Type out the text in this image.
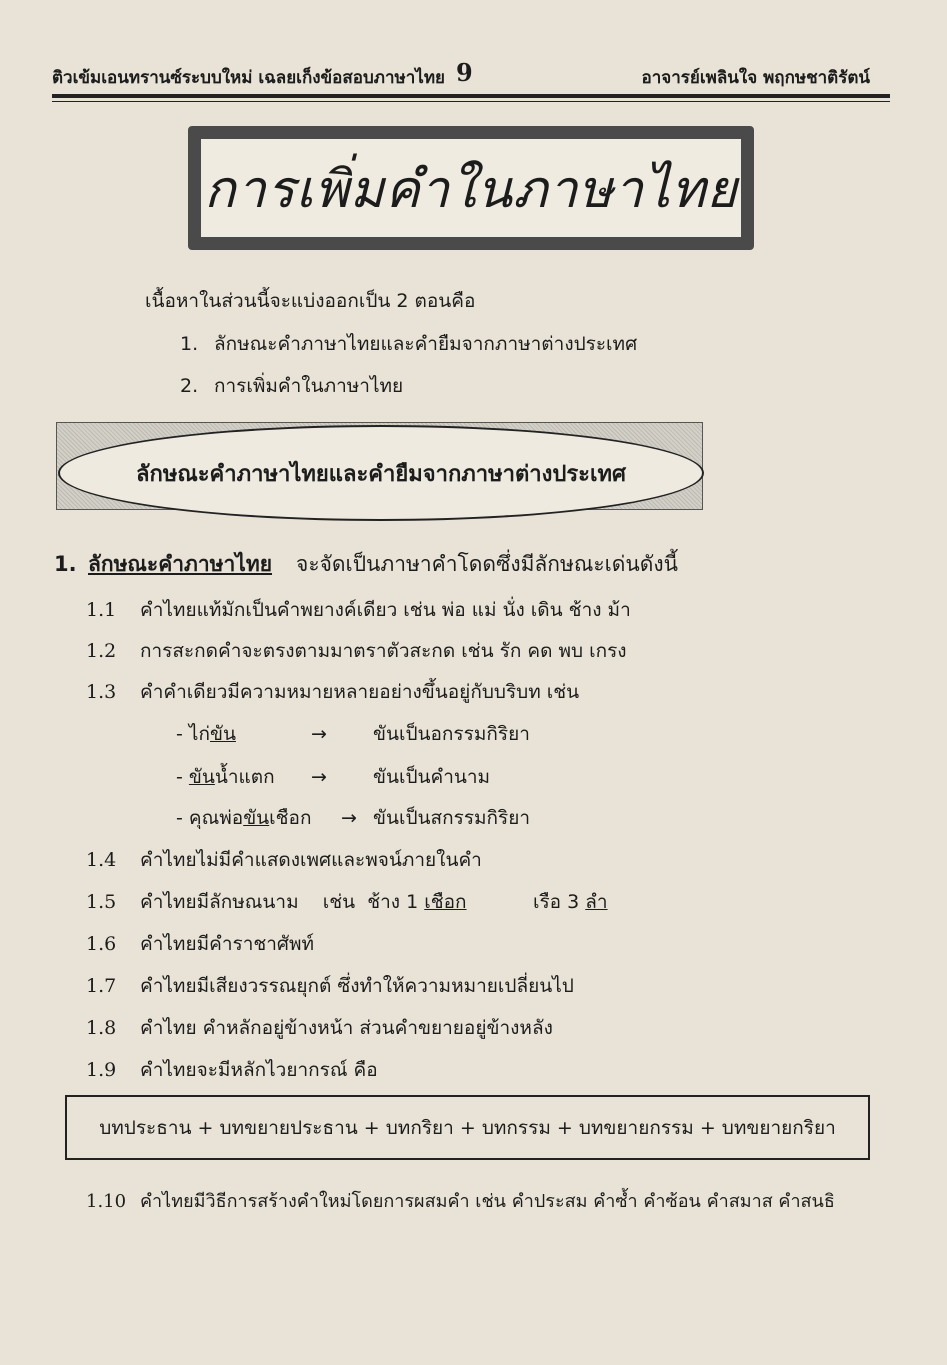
ติวเข้มเอนทรานซ์ระบบใหม่ เฉลยเก็งข้อสอบภาษาไทย 9	อาจารย์เพลินใจ พฤกษชาติรัตน์
การเพิ่มคำในภาษาไทย
เนื้อหาในส่วนนี้จะแบ่งออกเป็น 2 ตอนคือ
1. ลักษณะคำภาษาไทยและคำยืมจากภาษาต่างประเทศ
2. การเพิ่มคำในภาษาไทย
ลักษณะคำภาษาไทยและคำยืมจากภาษาต่างประเทศ
1. ลักษณะคำภาษาไทย จะจัดเป็นภาษาคำโดดซึ่งมีลักษณะเด่นดังนี้
1.1 คำไทยแท้มักเป็นคำพยางค์เดียว เช่น พ่อ แม่ นั่ง เดิน ช้าง ม้า
1.2 การสะกดคำจะตรงตามมาตราตัวสะกด เช่น รัก คด พบ เกรง
1.3 คำคำเดียวมีความหมายหลายอย่างขึ้นอยู่กับบริบท เช่น
- ไก่ขัน	→ ขันเป็นอกรรมกิริยา
- ขันน้ำแตก → ขันเป็นคำนาม
- คุณพ่อขันเชือก → ขันเป็นสกรรมกิริยา
1.4 คำไทยไม่มีคำแสดงเพศและพจน์ภายในคำ
1.5 คำไทยมีลักษณนาม    เช่น  ช้าง 1 เชือก           เรือ 3 ลำ
1.6 คำไทยมีคำราชาศัพท์
1.7 คำไทยมีเสียงวรรณยุกต์ ซึ่งทำให้ความหมายเปลี่ยนไป
1.8 คำไทย คำหลักอยู่ข้างหน้า ส่วนคำขยายอยู่ข้างหลัง
1.9 คำไทยจะมีหลักไวยากรณ์ คือ
บทประธาน + บทขยายประธาน + บทกริยา + บทกรรม + บทขยายกรรม + บทขยายกริยา
1.10 คำไทยมีวิธีการสร้างคำใหม่โดยการผสมคำ เช่น คำประสม คำซ้ำ คำซ้อน คำสมาส คำสนธิ
